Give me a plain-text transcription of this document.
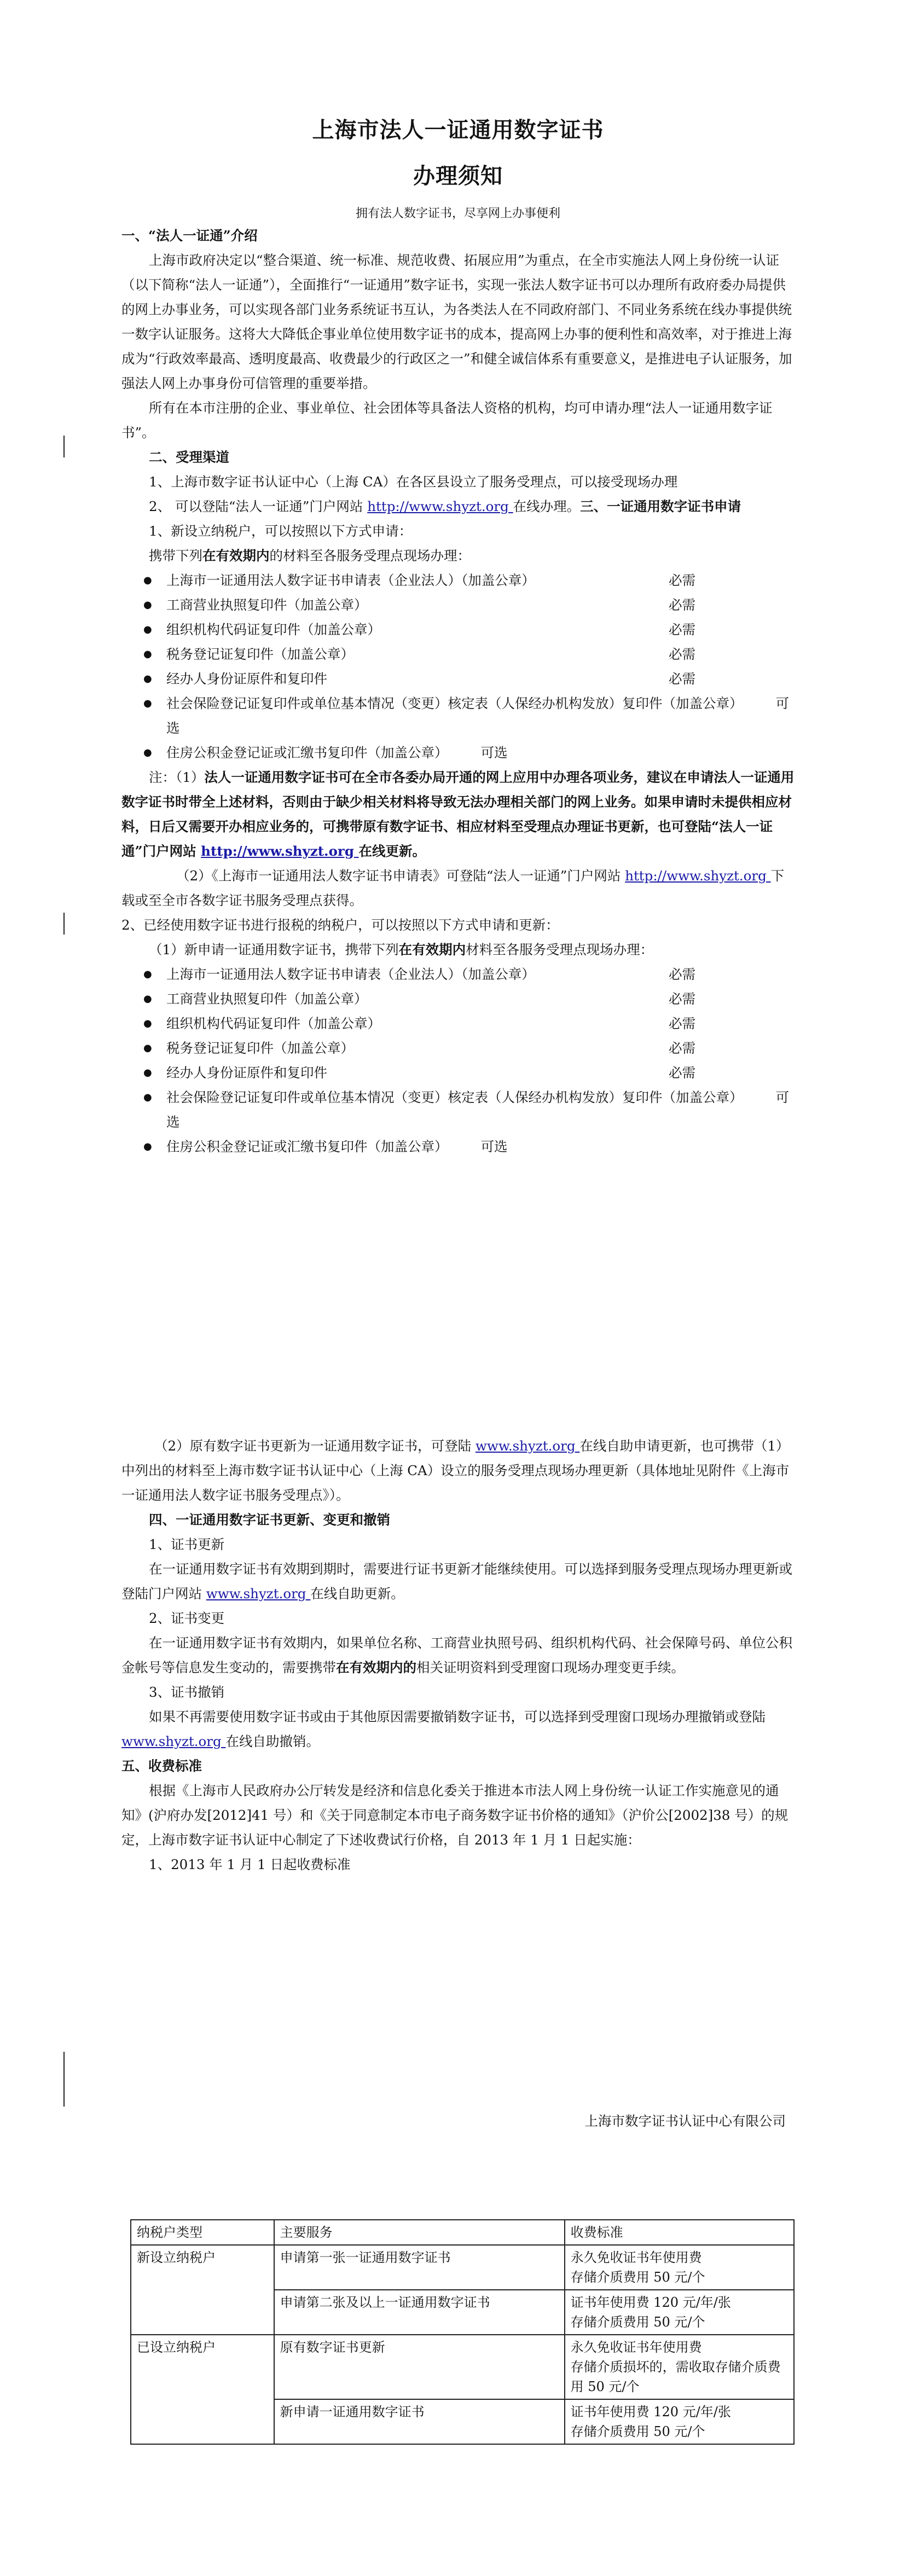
上海市法人一证通用数字证书
办理须知
拥有法人数字证书，尽享网上办事便利

一、“法人一证通”介绍

上海市政府决定以“整合渠道、统一标准、规范收费、拓展应用”为重点，在全市实施法人网上身份统一认证（以下简称“法人一证通”），全面推行“一证通用”数字证书，实现一张法人数字证书可以办理所有政府委办局提供的网上办事业务，可以实现各部门业务系统证书互认，为各类法人在不同政府部门、不同业务系统在线办事提供统一数字认证服务。这将大大降低企事业单位使用数字证书的成本，提高网上办事的便利性和高效率，对于推进上海成为“行政效率最高、透明度最高、收费最少的行政区之一”和健全诚信体系有重要意义，是推进电子认证服务，加强法人网上办事身份可信管理的重要举措。

所有在本市注册的企业、事业单位、社会团体等具备法人资格的机构，均可申请办理“法人一证通用数字证书”。

二、受理渠道

1、上海市数字证书认证中心（上海 CA）在各区县设立了服务受理点，可以接受现场办理

2、 可以登陆“法人一证通”门户网站 http://www.shyzt.org 在线办理。三、一证通用数字证书申请

1、新设立纳税户，可以按照以下方式申请：

携带下列在有效期内的材料至各服务受理点现场办理：

● 上海市一证通用法人数字证书申请表（企业法人）（加盖公章）	必需
● 工商营业执照复印件（加盖公章）	必需
● 组织机构代码证复印件（加盖公章）	必需
● 税务登记证复印件（加盖公章）	必需
● 经办人身份证原件和复印件	必需
● 社会保险登记证复印件或单位基本情况（变更）核定表（人保经办机构发放）复印件（加盖公章） 可选
● 住房公积金登记证或汇缴书复印件（加盖公章） 可选

注：（1）法人一证通用数字证书可在全市各委办局开通的网上应用中办理各项业务，建议在申请法人一证通用数字证书时带全上述材料，否则由于缺少相关材料将导致无法办理相关部门的网上业务。如果申请时未提供相应材料，日后又需要开办相应业务的，可携带原有数字证书、相应材料至受理点办理证书更新，也可登陆“法人一证通”门户网站 http://www.shyzt.org 在线更新。

（2）《上海市一证通用法人数字证书申请表》可登陆“法人一证通”门户网站 http://www.shyzt.org 下载或至全市各数字证书服务受理点获得。

2、已经使用数字证书进行报税的纳税户，可以按照以下方式申请和更新：

（1）新申请一证通用数字证书，携带下列在有效期内材料至各服务受理点现场办理：

● 上海市一证通用法人数字证书申请表（企业法人）（加盖公章）	必需
● 工商营业执照复印件（加盖公章）	必需
● 组织机构代码证复印件（加盖公章）	必需
● 税务登记证复印件（加盖公章）	必需
● 经办人身份证原件和复印件	必需
● 社会保险登记证复印件或单位基本情况（变更）核定表（人保经办机构发放）复印件（加盖公章） 可选
● 住房公积金登记证或汇缴书复印件（加盖公章） 可选

（2）原有数字证书更新为一证通用数字证书，可登陆 www.shyzt.org 在线自助申请更新，也可携带（1）中列出的材料至上海市数字证书认证中心（上海 CA）设立的服务受理点现场办理更新（具体地址见附件《上海市一证通用法人数字证书服务受理点》）。

四、一证通用数字证书更新、变更和撤销

1、证书更新

在一证通用数字证书有效期到期时，需要进行证书更新才能继续使用。可以选择到服务受理点现场办理更新或登陆门户网站 www.shyzt.org 在线自助更新。

2、证书变更

在一证通用数字证书有效期内，如果单位名称、工商营业执照号码、组织机构代码、社会保障号码、单位公积金帐号等信息发生变动的，需要携带在有效期内的相关证明资料到受理窗口现场办理变更手续。

3、证书撤销

如果不再需要使用数字证书或由于其他原因需要撤销数字证书，可以选择到受理窗口现场办理撤销或登陆 www.shyzt.org 在线自助撤销。

五、收费标准

根据《上海市人民政府办公厅转发是经济和信息化委关于推进本市法人网上身份统一认证工作实施意见的通知》(沪府办发[2012]41 号）和《关于同意制定本市电子商务数字证书价格的通知》（沪价公[2002]38 号）的规定，上海市数字证书认证中心制定了下述收费试行价格，自 2013 年 1 月 1 日起实施：

1、2013 年 1 月 1 日起收费标准

纳税户类型	主要服务	收费标准
新设立纳税户	申请第一张一证通用数字证书	永久免收证书年使用费
存储介质费用 50 元/个
	申请第二张及以上一证通用数字证书	证书年使用费 120 元/年/张
存储介质费用 50 元/个
已设立纳税户	原有数字证书更新	永久免收证书年使用费
存储介质损坏的，需收取存储介质费用 50 元/个
	新申请一证通用数字证书	证书年使用费 120 元/年/张
存储介质费用 50 元/个
上海市数字证书认证中心有限公司
